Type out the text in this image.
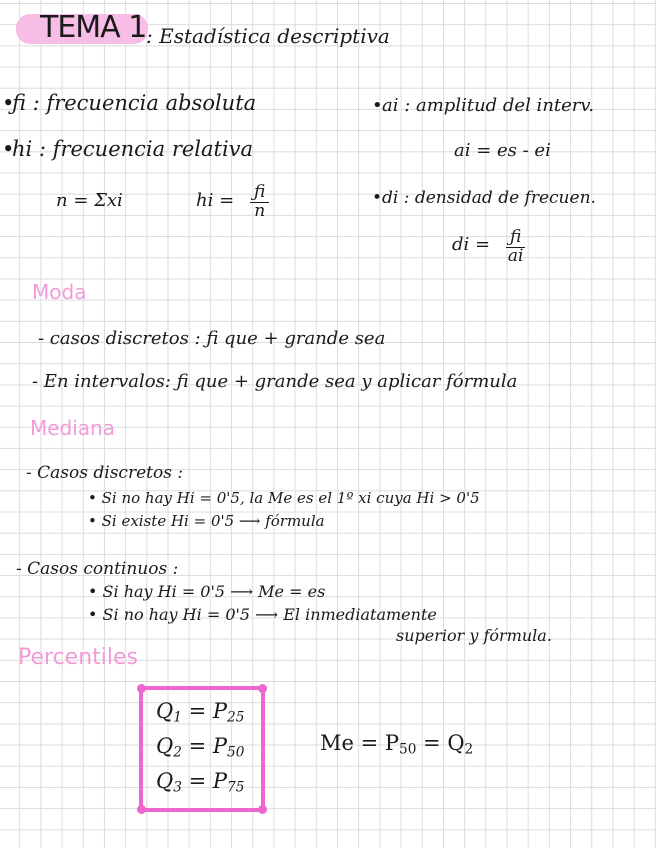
TEMA 1 : Estadística descriptiva
ƒi : frecuencia absoluta
hi : frecuencia relativa
ai : amplitud del interv.
di : densidad de frecuen.
•
•
•
•
n = Σxi	hi = $\frac{ƒi}{n}$
ai = es - ei
di = $\frac{ƒi}{ai}$
Moda
- casos discretos : ƒi que + grande sea
- En intervalos: ƒi que + grande sea y aplicar fórmula
Mediana
- Casos discretos :
• Si no hay Hi = 0'5, la Me es el 1º xi cuya Hi > 0'5
• Si existe Hi = 0'5 ⟶ fórmula
- Casos continuos :
• Si hay Hi = 0'5 ⟶ Me = es
• Si no hay Hi = 0'5 ⟶ El inmediatamente
superior y fórmula.
Percentiles
$Q_1 = P_{25}$
$Q_2 = P_{50}$
$Q_3 = P_{75}$
$Me = P_{50} = Q_2$
